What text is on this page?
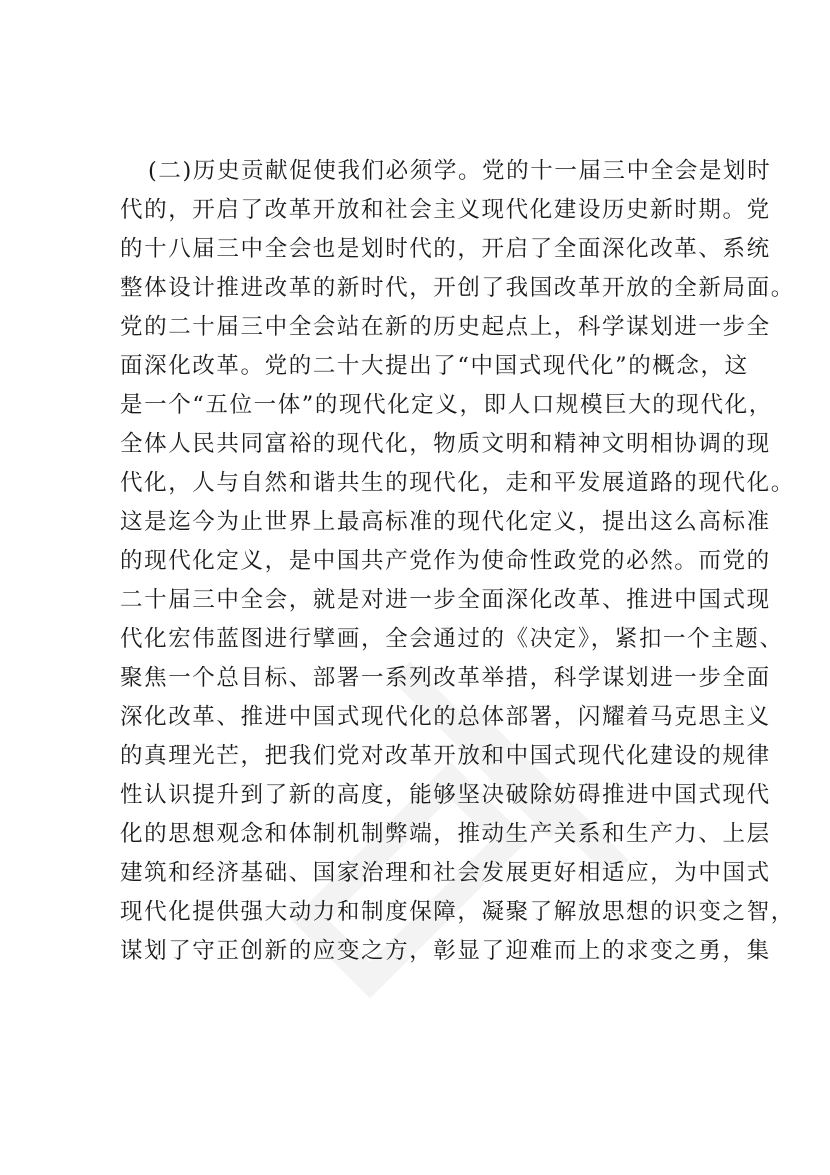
(二)历史贡献促使我们必须学。党的十一届三中全会是划时
代的，开启了改革开放和社会主义现代化建设历史新时期。党
的十八届三中全会也是划时代的，开启了全面深化改革、系统
整体设计推进改革的新时代，开创了我国改革开放的全新局面。
党的二十届三中全会站在新的历史起点上，科学谋划进一步全
面深化改革。党的二十大提出了“中国式现代化”的概念，这
是一个“五位一体”的现代化定义，即人口规模巨大的现代化，
全体人民共同富裕的现代化，物质文明和精神文明相协调的现
代化，人与自然和谐共生的现代化，走和平发展道路的现代化。
这是迄今为止世界上最高标准的现代化定义，提出这么高标准
的现代化定义，是中国共产党作为使命性政党的必然。而党的
二十届三中全会，就是对进一步全面深化改革、推进中国式现
代化宏伟蓝图进行擘画，全会通过的《决定》，紧扣一个主题、
聚焦一个总目标、部署一系列改革举措，科学谋划进一步全面
深化改革、推进中国式现代化的总体部署，闪耀着马克思主义
的真理光芒，把我们党对改革开放和中国式现代化建设的规律
性认识提升到了新的高度，能够坚决破除妨碍推进中国式现代
化的思想观念和体制机制弊端，推动生产关系和生产力、上层
建筑和经济基础、国家治理和社会发展更好相适应，为中国式
现代化提供强大动力和制度保障，凝聚了解放思想的识变之智，
谋划了守正创新的应变之方，彰显了迎难而上的求变之勇，集
